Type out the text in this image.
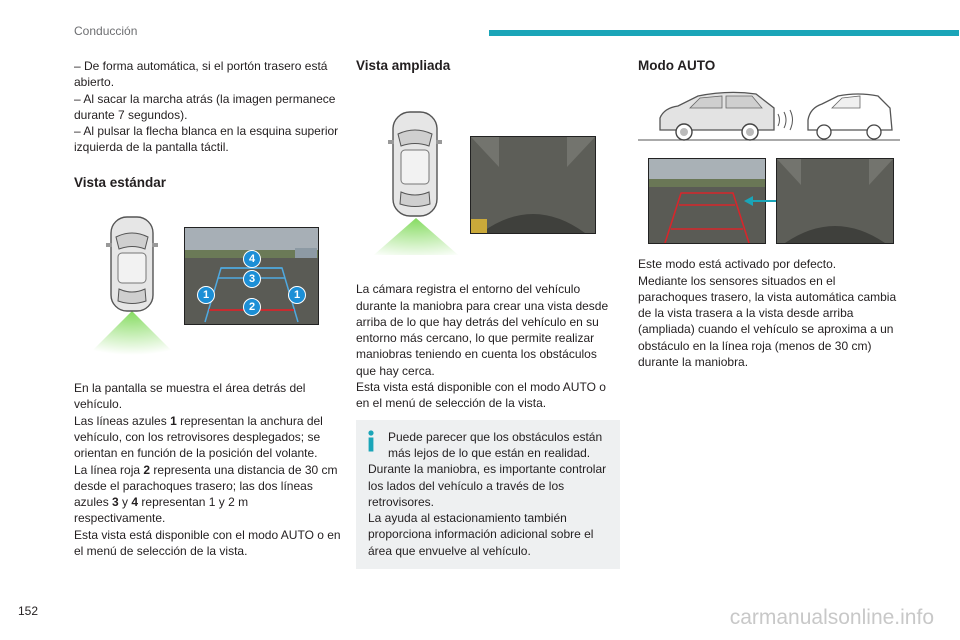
Conducción

– De forma automática, si el portón trasero está abierto.

– Al sacar la marcha atrás (la imagen permanece durante 7 segundos).

– Al pulsar la flecha blanca en la esquina superior izquierda de la pantalla táctil.

Vista estándar

1	1
2
3
4

En la pantalla se muestra el área detrás del vehículo.

Las líneas azules 1 representan la anchura del vehículo, con los retrovisores desplegados; se orientan en función de la posición del volante.

La línea roja 2 representa una distancia de 30 cm desde el parachoques trasero; las dos líneas azules 3 y 4 representan 1 y 2 m respectivamente.

Esta vista está disponible con el modo AUTO o en el menú de selección de la vista.

Vista ampliada

La cámara registra el entorno del vehículo durante la maniobra para crear una vista desde arriba de lo que hay detrás del vehículo en su entorno más cercano, lo que permite realizar maniobras teniendo en cuenta los obstáculos que hay cerca.

Esta vista está disponible con el modo AUTO o en el menú de selección de la vista.

Puede parecer que los obstáculos están más lejos de lo que están en realidad.

Durante la maniobra, es importante controlar los lados del vehículo a través de los retrovisores.

La ayuda al estacionamiento también proporciona información adicional sobre el área que envuelve al vehículo.

Modo AUTO

Este modo está activado por defecto.

Mediante los sensores situados en el parachoques trasero, la vista automática cambia de la vista trasera a la vista desde arriba (ampliada) cuando el vehículo se aproxima a un obstáculo en la línea roja (menos de 30 cm) durante la maniobra.

152	carmanualsonline.info
